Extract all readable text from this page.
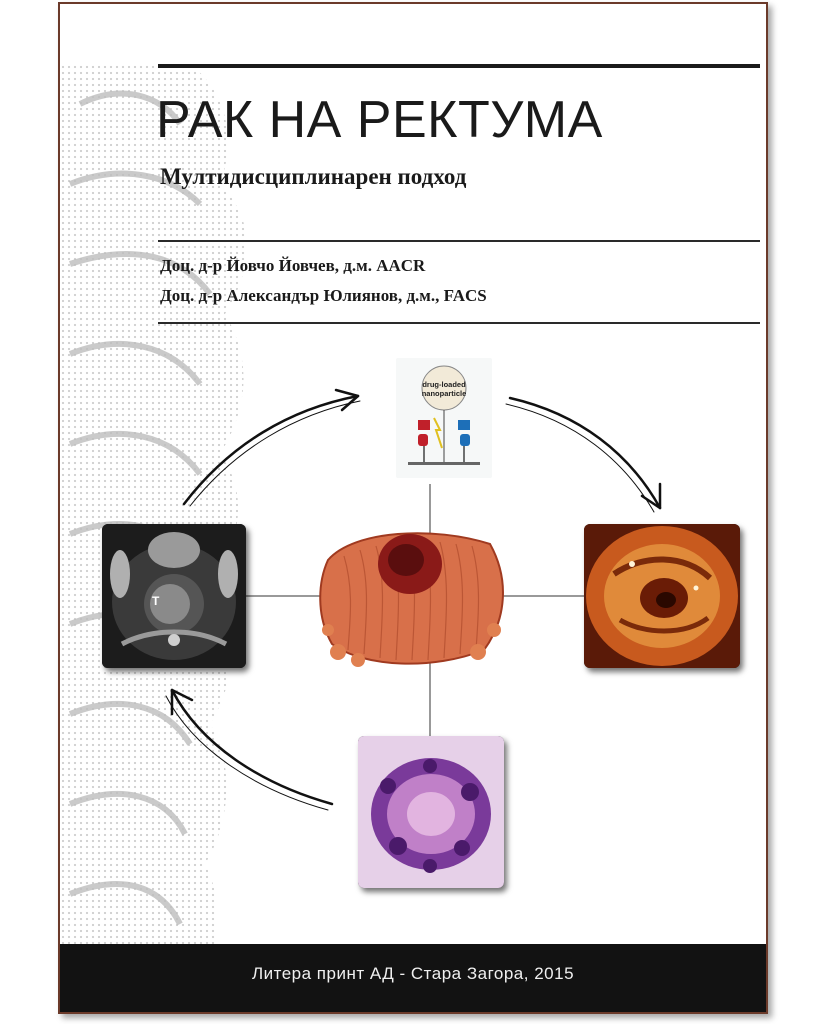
РАК НА РЕКТУМА
Мултидисциплинарен подход

Доц. д-р Йовчо Йовчев, д.м. AACR

Доц. д-р Александър Юлиянов, д.м., FACS

drug-loaded nanoparticle
T
Литера принт АД - Стара Загора, 2015
